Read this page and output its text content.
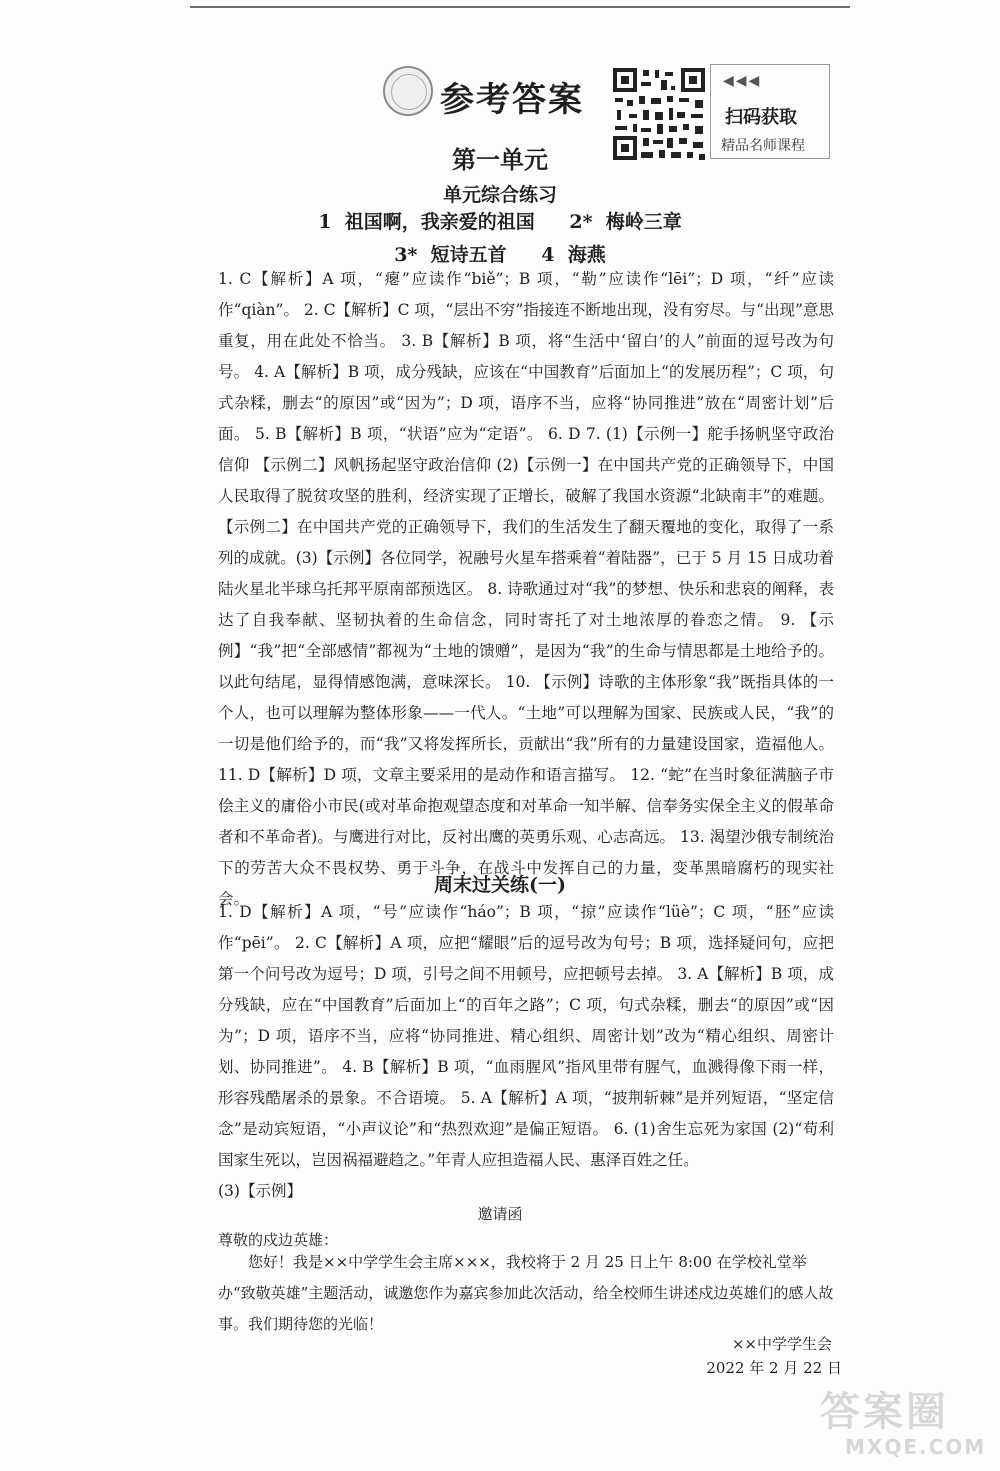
参考答案	◀◀◀
扫码获取
精品名师课程
第一单元
单元综合练习
1 祖国啊，我亲爱的祖国 2* 梅岭三章
3* 短诗五首 4 海燕
1. C【解析】A 项，“瘪”应读作“biě”；B 项，“勒”应读作“lēi”；D 项，“纤”应读作“qiàn”。 2. C【解析】C 项，“层出不穷”指接连不断地出现，没有穷尽。与“出现”意思重复，用在此处不恰当。 3. B【解析】B 项，将“生活中‘留白’的人”前面的逗号改为句号。 4. A【解析】B 项，成分残缺，应该在“中国教育”后面加上“的发展历程”；C 项，句式杂糅，删去“的原因”或“因为”；D 项，语序不当，应将“协同推进”放在“周密计划”后面。 5. B【解析】B 项，“状语”应为“定语”。 6. D 7. (1)【示例一】舵手扬帆坚守政治信仰 【示例二】风帆扬起坚守政治信仰 (2)【示例一】在中国共产党的正确领导下，中国人民取得了脱贫攻坚的胜利，经济实现了正增长，破解了我国水资源“北缺南丰”的难题。【示例二】在中国共产党的正确领导下，我们的生活发生了翻天覆地的变化，取得了一系列的成就。(3)【示例】各位同学，祝融号火星车搭乘着“着陆器”，已于 5 月 15 日成功着陆火星北半球乌托邦平原南部预选区。 8. 诗歌通过对“我”的梦想、快乐和悲哀的阐释，表达了自我奉献、坚韧执着的生命信念，同时寄托了对土地浓厚的眷恋之情。 9. 【示例】“我”把“全部感情”都视为“土地的馈赠”，是因为“我”的生命与情思都是土地给予的。以此句结尾，显得情感饱满，意味深长。 10. 【示例】诗歌的主体形象“我”既指具体的一个人，也可以理解为整体形象——一代人。“土地”可以理解为国家、民族或人民，“我”的一切是他们给予的，而“我”又将发挥所长，贡献出“我”所有的力量建设国家，造福他人。 11. D【解析】D 项，文章主要采用的是动作和语言描写。 12. “蛇”在当时象征满脑子市侩主义的庸俗小市民(或对革命抱观望态度和对革命一知半解、信奉务实保全主义的假革命者和不革命者)。与鹰进行对比，反衬出鹰的英勇乐观、心志高远。 13. 渴望沙俄专制统治下的劳苦大众不畏权势、勇于斗争，在战斗中发挥自己的力量，变革黑暗腐朽的现实社会。
周末过关练(一)
1. D【解析】A 项，“号”应读作“háo”；B 项，“掠”应读作“lüè”；C 项，“胚”应读作“pēi”。 2. C【解析】A 项，应把“耀眼”后的逗号改为句号；B 项，选择疑问句，应把第一个问号改为逗号；D 项，引号之间不用顿号，应把顿号去掉。 3. A【解析】B 项，成分残缺，应在“中国教育”后面加上“的百年之路”；C 项，句式杂糅，删去“的原因”或“因为”；D 项，语序不当，应将“协同推进、精心组织、周密计划”改为“精心组织、周密计划、协同推进”。 4. B【解析】B 项，“血雨腥风”指风里带有腥气，血溅得像下雨一样，形容残酷屠杀的景象。不合语境。 5. A【解析】A 项，“披荆斩棘”是并列短语，“坚定信念”是动宾短语，“小声议论”和“热烈欢迎”是偏正短语。 6. (1)舍生忘死为家国 (2)“苟利国家生死以，岂因祸福避趋之。”年青人应担造福人民、惠泽百姓之任。
(3)【示例】
邀请函
尊敬的戍边英雄：
您好！我是××中学学生会主席×××，我校将于 2 月 25 日上午 8:00 在学校礼堂举办“致敬英雄”主题活动，诚邀您作为嘉宾参加此次活动，给全校师生讲述戍边英雄们的感人故事。我们期待您的光临！
××中学学生会
2022 年 2 月 22 日
答案圈
MXQE.COM
